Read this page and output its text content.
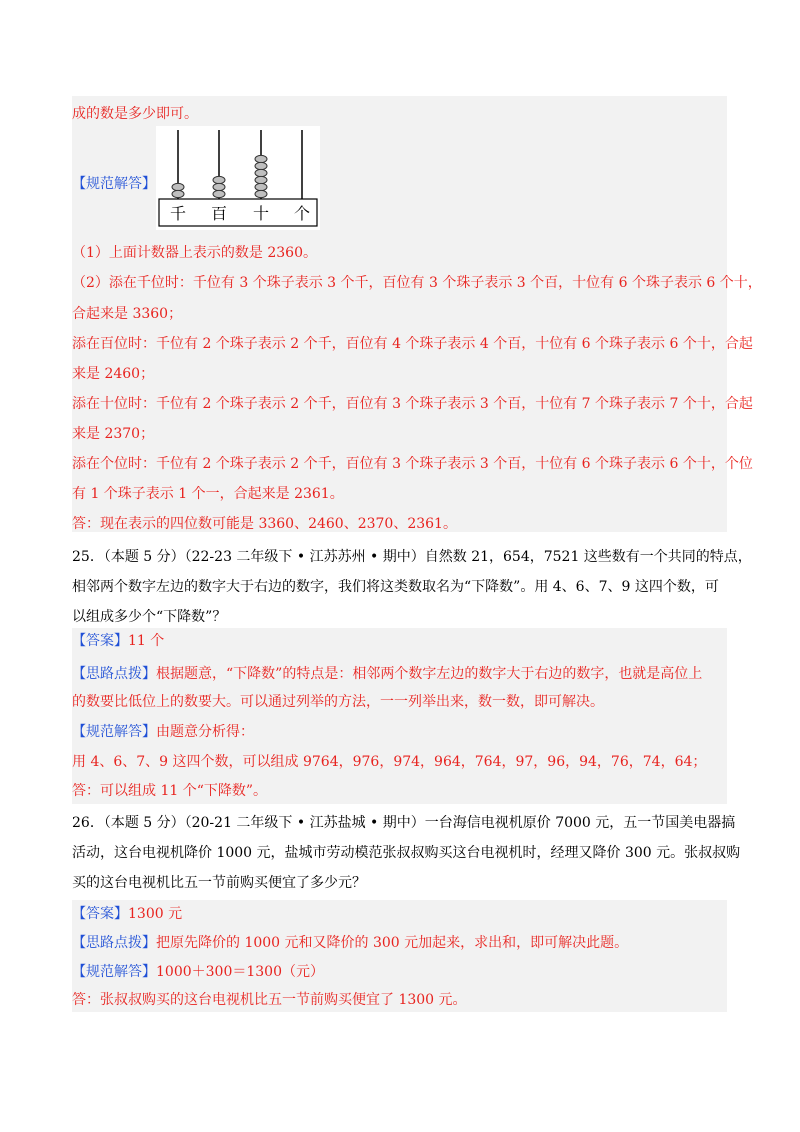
成的数是多少即可。
【规范解答】
（1）上面计数器上表示的数是 2360。
（2）添在千位时：千位有 3 个珠子表示 3 个千，百位有 3 个珠子表示 3 个百，十位有 6 个珠子表示 6 个十，
合起来是 3360；
添在百位时：千位有 2 个珠子表示 2 个千，百位有 4 个珠子表示 4 个百，十位有 6 个珠子表示 6 个十，合起
来是 2460；
添在十位时：千位有 2 个珠子表示 2 个千，百位有 3 个珠子表示 3 个百，十位有 7 个珠子表示 7 个十，合起
来是 2370；
添在个位时：千位有 2 个珠子表示 2 个千，百位有 3 个珠子表示 3 个百，十位有 6 个珠子表示 6 个十，个位
有 1 个珠子表示 1 个一，合起来是 2361。
答：现在表示的四位数可能是 3360、2460、2370、2361。
千 百 十 个
25．（本题 5 分）（22-23 二年级下 • 江苏苏州 • 期中）自然数 21，654，7521 这些数有一个共同的特点，
相邻两个数字左边的数字大于右边的数字，我们将这类数取名为“下降数”。用 4、6、7、9 这四个数，可
以组成多少个“下降数”？
【答案】11 个
【思路点拨】根据题意，“下降数”的特点是：相邻两个数字左边的数字大于右边的数字，也就是高位上
的数要比低位上的数要大。可以通过列举的方法，一一列举出来，数一数，即可解决。
【规范解答】由题意分析得：
用 4、6、7、9 这四个数，可以组成 9764，976，974，964，764，97，96，94，76，74，64；
答：可以组成 11 个“下降数”。
26．（本题 5 分）（20-21 二年级下 • 江苏盐城 • 期中）一台海信电视机原价 7000 元，五一节国美电器搞
活动，这台电视机降价 1000 元，盐城市劳动模范张叔叔购买这台电视机时，经理又降价 300 元。张叔叔购
买的这台电视机比五一节前购买便宜了多少元？
【答案】1300 元
【思路点拨】把原先降价的 1000 元和又降价的 300 元加起来，求出和，即可解决此题。
【规范解答】1000＋300＝1300（元）
答：张叔叔购买的这台电视机比五一节前购买便宜了 1300 元。
